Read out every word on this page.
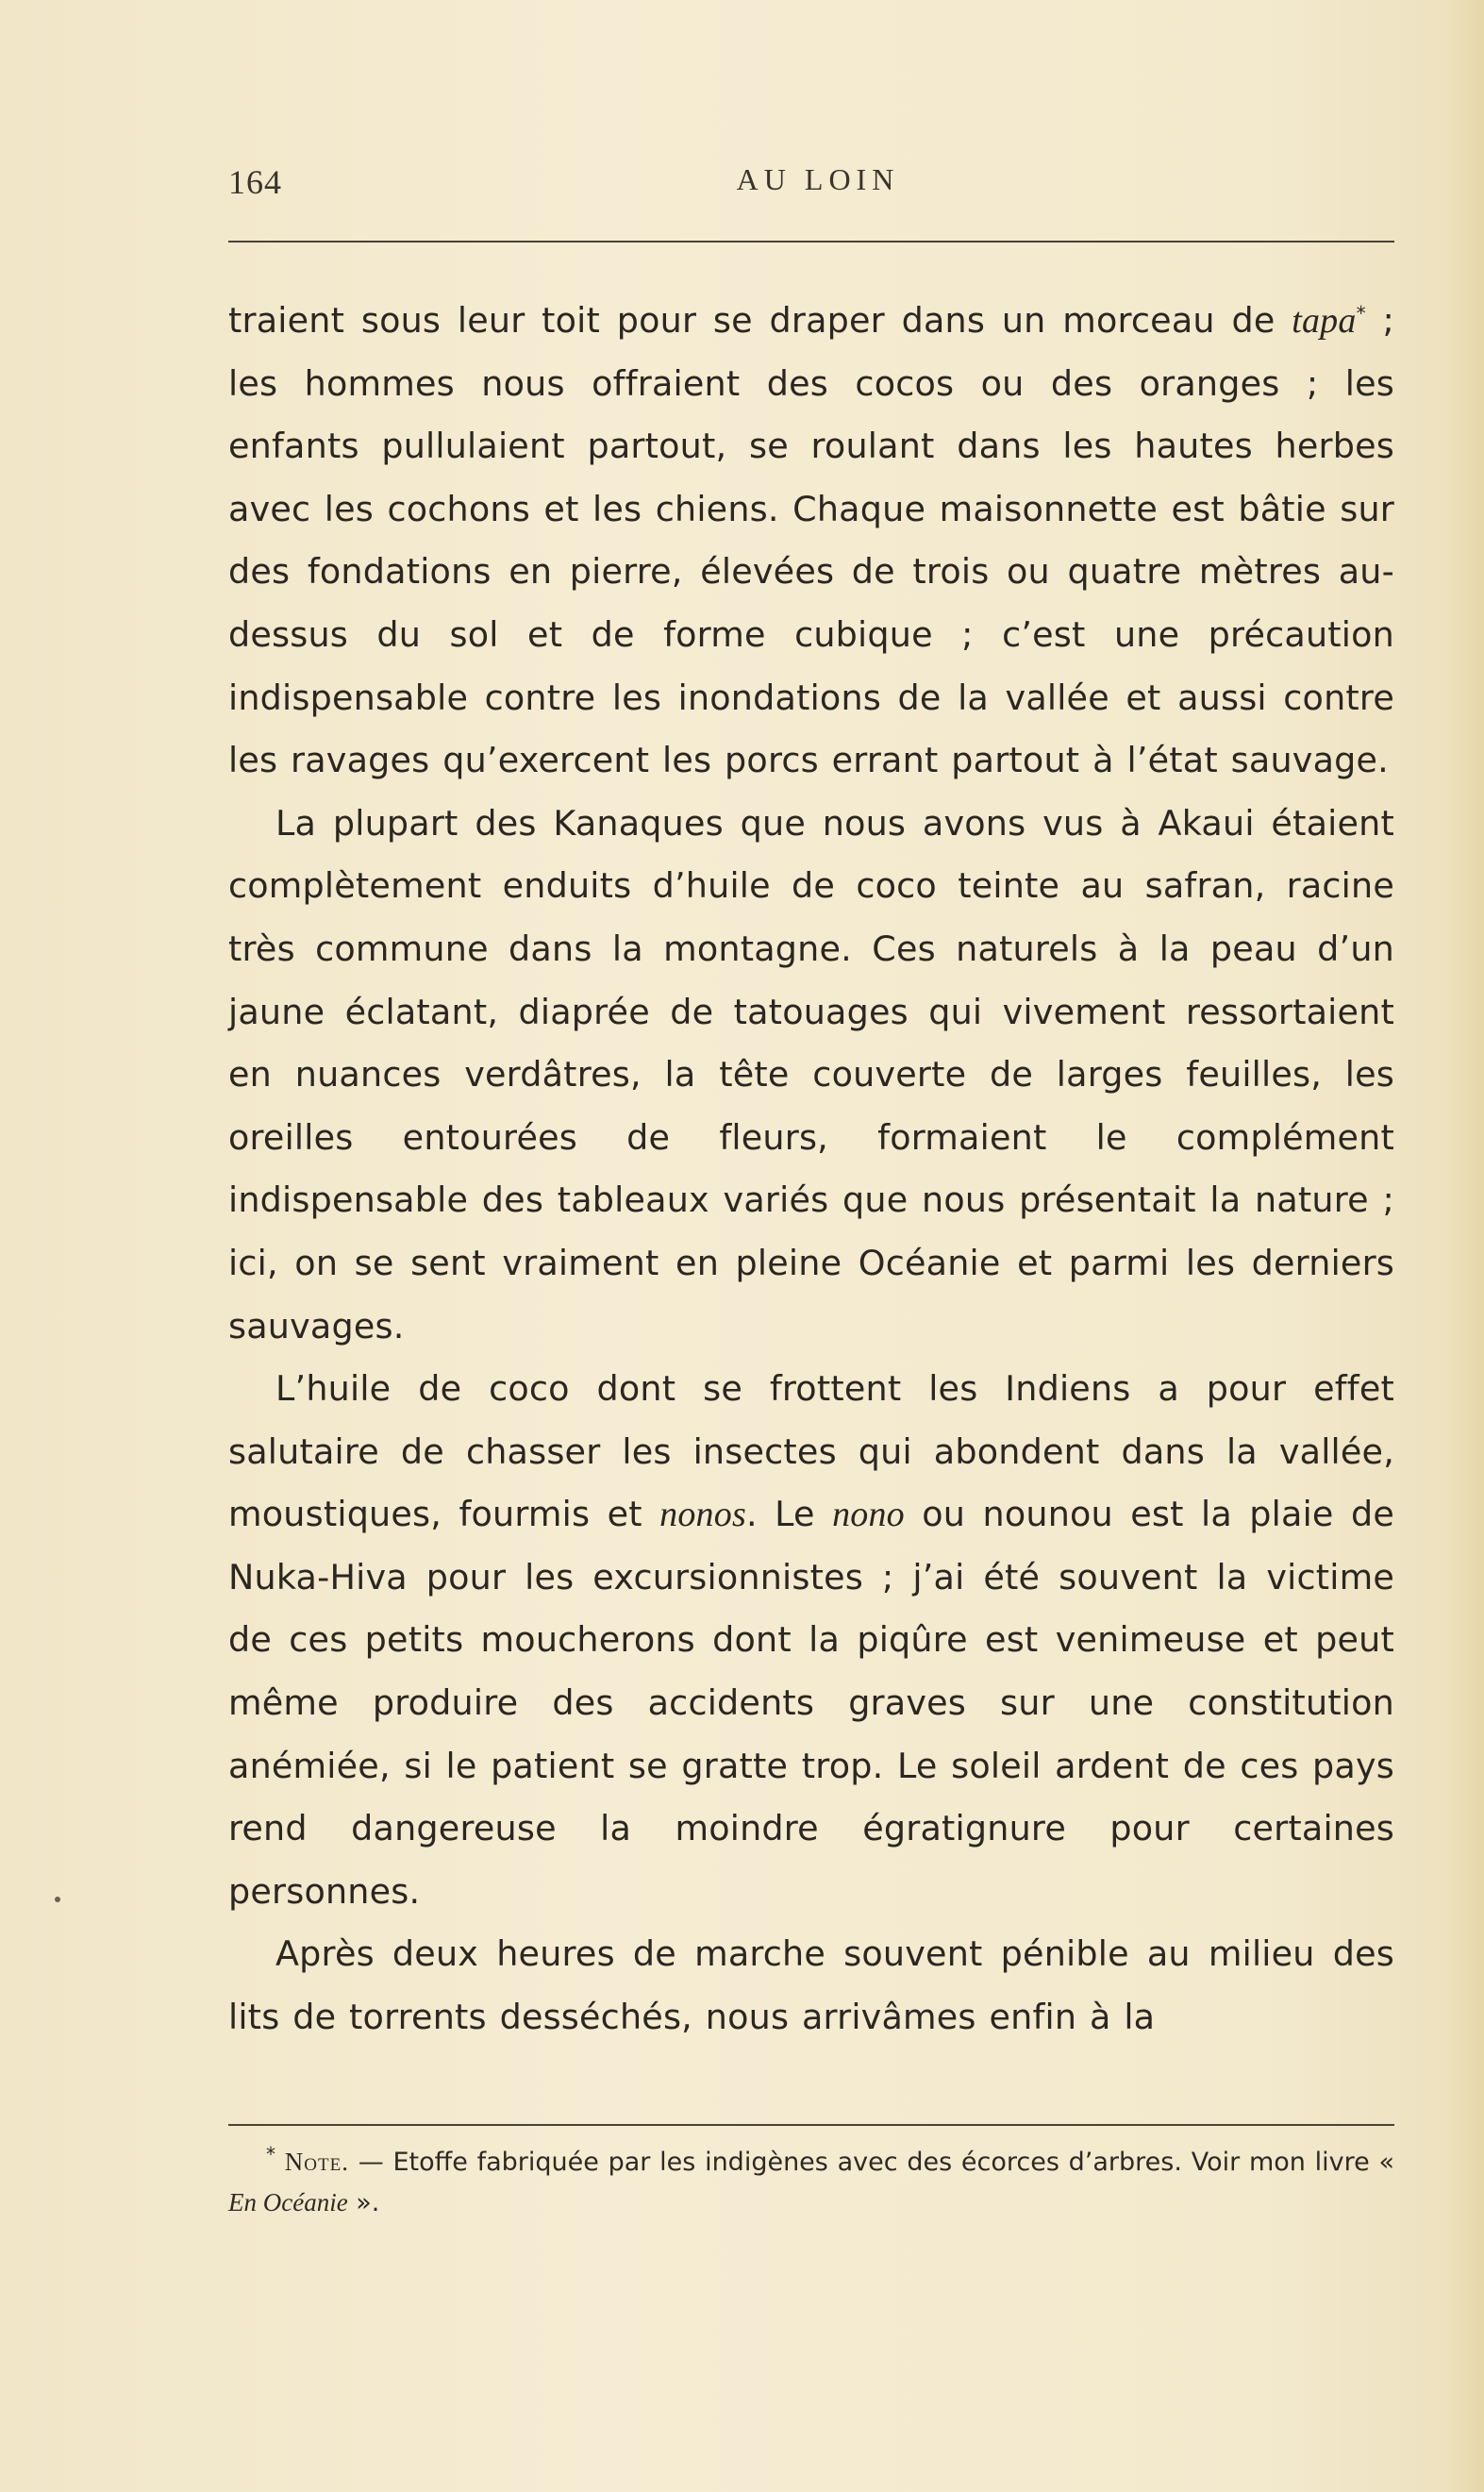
164	AU LOIN

traient sous leur toit pour se draper dans un morceau de tapa* ; les hommes nous offraient des cocos ou des oranges ; les enfants pullulaient partout, se roulant dans les hautes herbes avec les cochons et les chiens. Chaque maisonnette est bâtie sur des fondations en pierre, élevées de trois ou quatre mètres au-dessus du sol et de forme cubique ; c’est une précaution indispensable contre les inondations de la vallée et aussi contre les ravages qu’exercent les porcs errant partout à l’état sauvage.

La plupart des Kanaques que nous avons vus à Akaui étaient complètement enduits d’huile de coco teinte au safran, racine très commune dans la montagne. Ces naturels à la peau d’un jaune éclatant, diaprée de tatouages qui vivement ressortaient en nuances verdâtres, la tête couverte de larges feuilles, les oreilles entourées de fleurs, formaient le complément indispensable des tableaux variés que nous présentait la nature ; ici, on se sent vraiment en pleine Océanie et parmi les derniers sauvages.

L’huile de coco dont se frottent les Indiens a pour effet salutaire de chasser les insectes qui abondent dans la vallée, moustiques, fourmis et nonos. Le nono ou nounou est la plaie de Nuka-Hiva pour les excursionnistes ; j’ai été souvent la victime de ces petits moucherons dont la piqûre est venimeuse et peut même produire des accidents graves sur une constitution anémiée, si le patient se gratte trop. Le soleil ardent de ces pays rend dangereuse la moindre égratignure pour certaines personnes.

Après deux heures de marche souvent pénible au milieu des lits de torrents desséchés, nous arrivâmes enfin à la

* Note. — Etoffe fabriquée par les indigènes avec des écorces d’arbres. Voir mon livre « En Océanie ».
